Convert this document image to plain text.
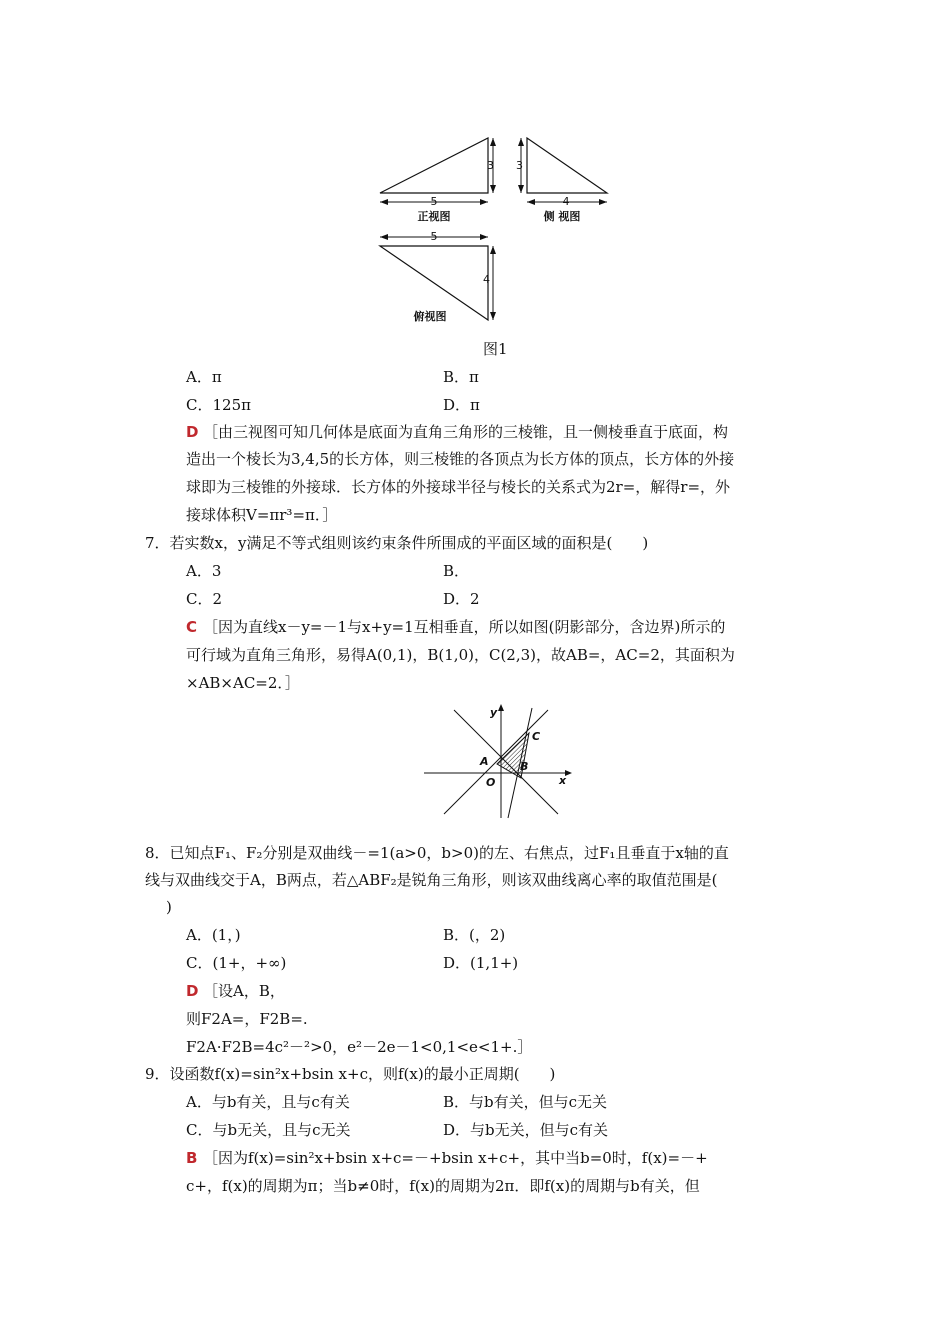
5
3
正视图
3
4
侧 视图
5
4
俯视图
图1
A．π	B．π
C．125π	D．π
D ［由三视图可知几何体是底面为直角三角形的三棱锥，且一侧棱垂直于底面，构
造出一个棱长为3,4,5的长方体，则三棱锥的各顶点为长方体的顶点，长方体的外接
球即为三棱锥的外接球．长方体的外接球半径与棱长的关系式为2r=，解得r=，外
接球体积V=πr³=π．］
7．若实数x，y满足不等式组则该约束条件所围成的平面区域的面积是(　　)
A．3	B．
C．2	D．2
C ［因为直线x－y=－1与x+y=1互相垂直，所以如图(阴影部分，含边界)所示的
可行域为直角三角形，易得A(0,1)，B(1,0)，C(2,3)，故AB=，AC=2，其面积为
×AB×AC=2．］
y
x
O
A	B
C
8．已知点F₁、F₂分别是双曲线－=1(a>0，b>0)的左、右焦点，过F₁且垂直于x轴的直
线与双曲线交于A，B两点，若△ABF₂是锐角三角形，则该双曲线离心率的取值范围是(
)
A．(1，)	B．(，2)
C．(1+，+∞)	D．(1,1+)
D ［设A，B，
则F2A=，F2B=.
F2A·F2B=4c²－²>0，e²－2e－1<0,1<e<1+.］
9．设函数f(x)=sin²x+bsin x+c，则f(x)的最小正周期(　　)
A．与b有关，且与c有关	B．与b有关，但与c无关
C．与b无关，且与c无关	D．与b无关，但与c有关
B ［因为f(x)=sin²x+bsin x+c=－+bsin x+c+，其中当b=0时，f(x)=－+
c+，f(x)的周期为π；当b≠0时，f(x)的周期为2π．即f(x)的周期与b有关，但
